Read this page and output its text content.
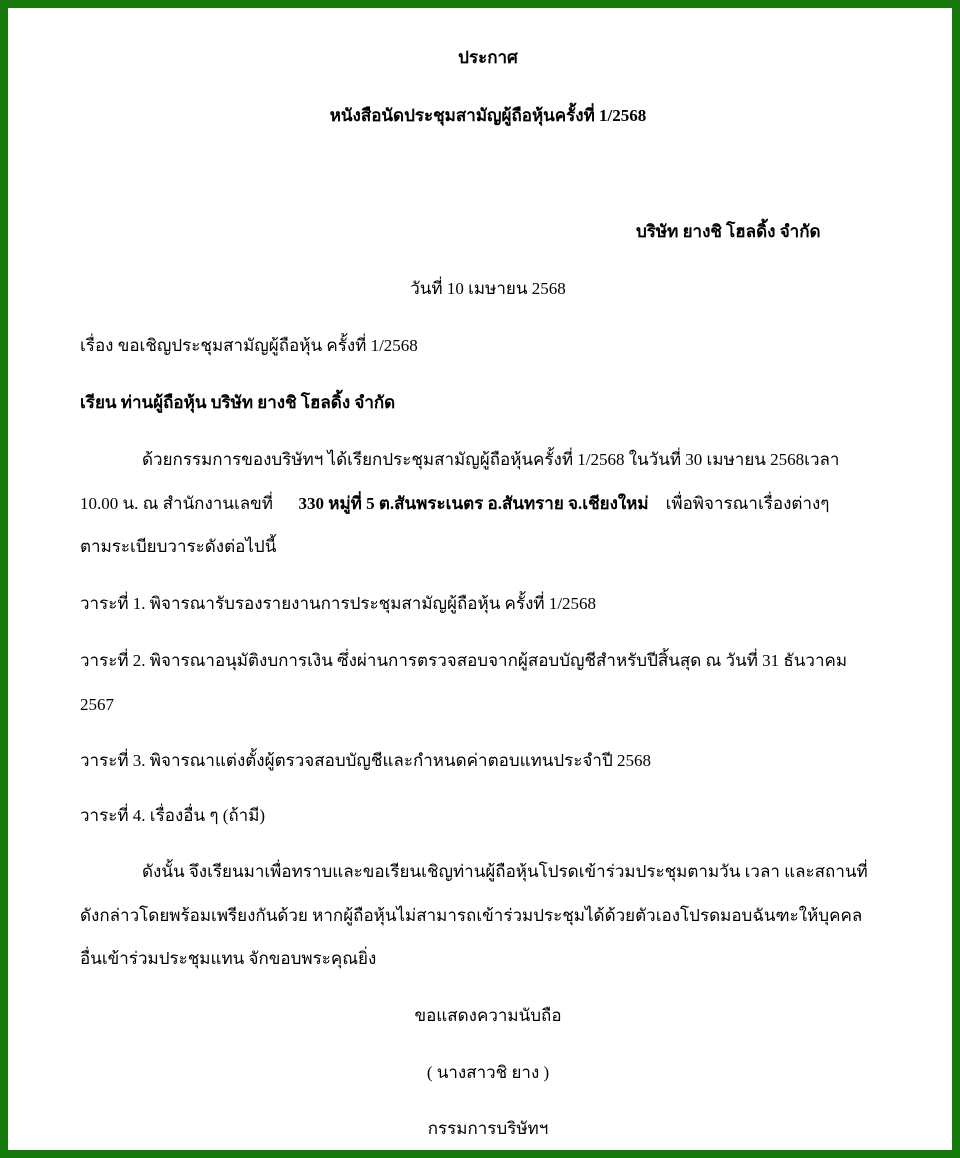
ประกาศ
หนังสือนัดประชุมสามัญผู้ถือหุ้นครั้งที่ 1/2568
บริษัท ยางชิ โฮลดิ้ง จำกัด
วันที่ 10 เมษายน 2568
เรื่อง ขอเชิญประชุมสามัญผู้ถือหุ้น ครั้งที่ 1/2568
เรียน ท่านผู้ถือหุ้น บริษัท ยางชิ โฮลดิ้ง จำกัด
ด้วยกรรมการของบริษัทฯ ได้เรียกประชุมสามัญผู้ถือหุ้นครั้งที่ 1/2568 ในวันที่ 30 เมษายน 2568เวลา
10.00 น. ณ สำนักงานเลขที่ 330 หมู่ที่ 5 ต.สันพระเนตร อ.สันทราย จ.เชียงใหม่ เพื่อพิจารณาเรื่องต่างๆ
ตามระเบียบวาระดังต่อไปนี้
วาระที่ 1. พิจารณารับรองรายงานการประชุมสามัญผู้ถือหุ้น ครั้งที่ 1/2568
วาระที่ 2. พิจารณาอนุมัติงบการเงิน ซึ่งผ่านการตรวจสอบจากผู้สอบบัญชีสำหรับปีสิ้นสุด ณ วันที่ 31 ธันวาคม
2567
วาระที่ 3. พิจารณาแต่งตั้งผู้ตรวจสอบบัญชีและกำหนดค่าตอบแทนประจำปี 2568
วาระที่ 4. เรื่องอื่น ๆ (ถ้ามี)
ดังนั้น จึงเรียนมาเพื่อทราบและขอเรียนเชิญท่านผู้ถือหุ้นโปรดเข้าร่วมประชุมตามวัน เวลา และสถานที่
ดังกล่าวโดยพร้อมเพรียงกันด้วย หากผู้ถือหุ้นไม่สามารถเข้าร่วมประชุมได้ด้วยตัวเองโปรดมอบฉันฑะให้บุคคล
อื่นเข้าร่วมประชุมแทน จักขอบพระคุณยิ่ง
ขอแสดงความนับถือ
( นางสาวชิ ยาง )
กรรมการบริษัทฯ
